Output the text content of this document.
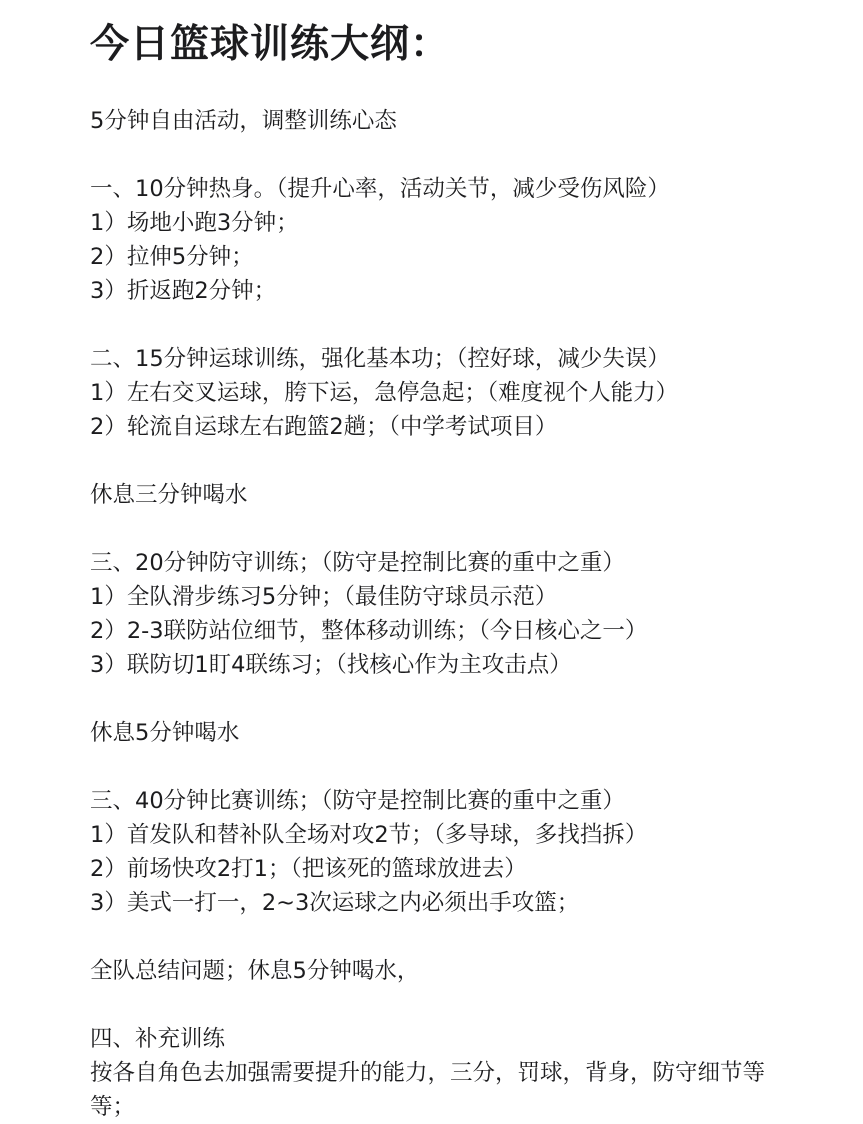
今日篮球训练大纲：
5分钟自由活动，调整训练心态
一、10分钟热身。（提升心率，活动关节，减少受伤风险）
1）场地小跑3分钟；
2）拉伸5分钟；
3）折返跑2分钟；
二、15分钟运球训练，强化基本功；（控好球，减少失误）
1）左右交叉运球，胯下运，急停急起；（难度视个人能力）
2）轮流自运球左右跑篮2趟；（中学考试项目）
休息三分钟喝水
三、20分钟防守训练；（防守是控制比赛的重中之重）
1）全队滑步练习5分钟；（最佳防守球员示范）
2）2-3联防站位细节，整体移动训练；（今日核心之一）
3）联防切1盯4联练习；（找核心作为主攻击点）
休息5分钟喝水
三、40分钟比赛训练；（防守是控制比赛的重中之重）
1）首发队和替补队全场对攻2节；（多导球，多找挡拆）
2）前场快攻2打1；（把该死的篮球放进去）
3）美式一打一，2~3次运球之内必须出手攻篮；
全队总结问题；休息5分钟喝水，
四、补充训练
按各自角色去加强需要提升的能力，三分，罚球，背身，防守细节等等；
